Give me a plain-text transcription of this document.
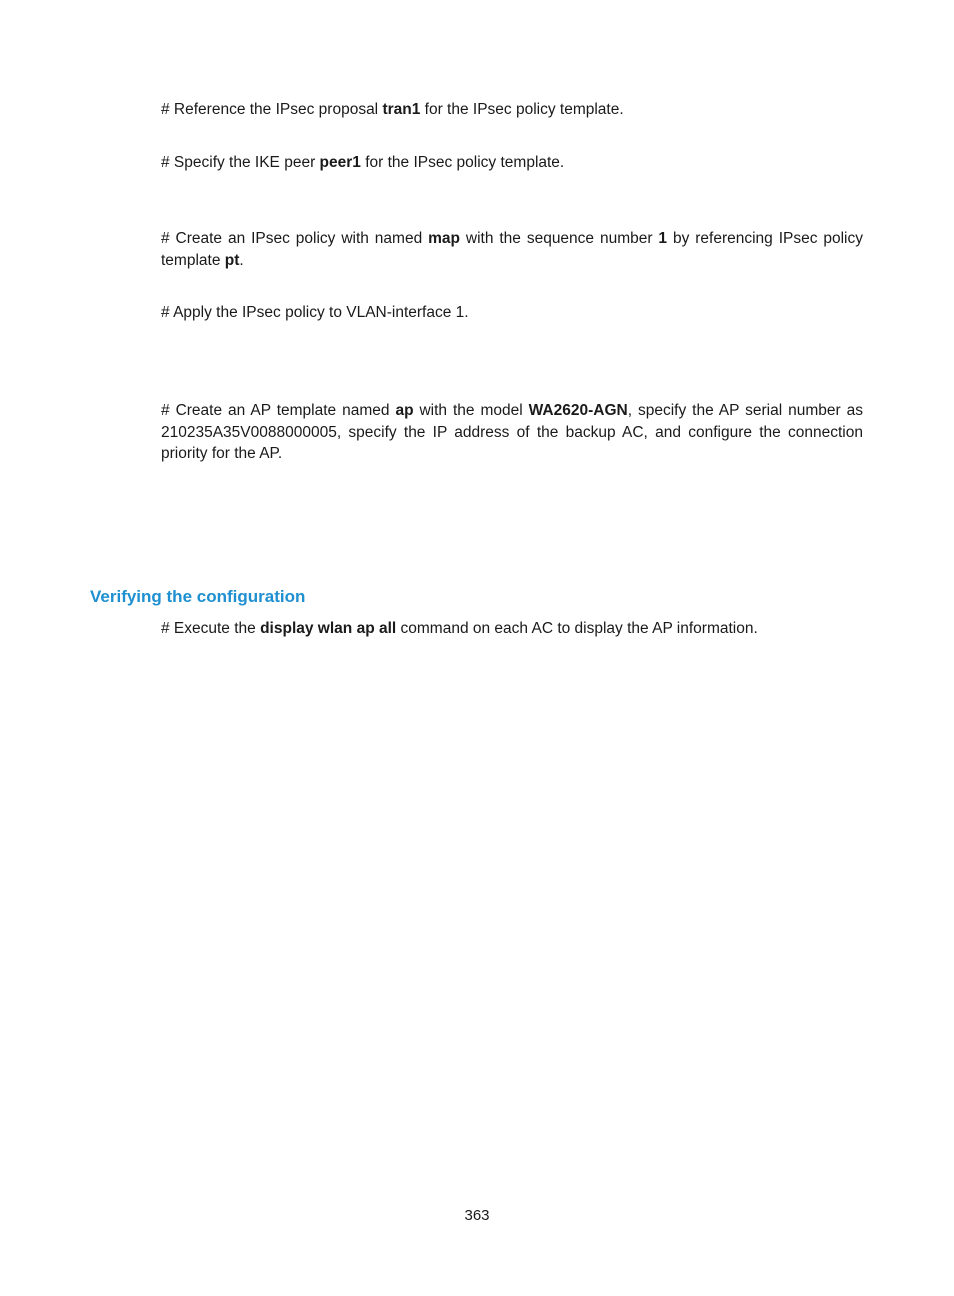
# Reference the IPsec proposal tran1 for the IPsec policy template.

# Specify the IKE peer peer1 for the IPsec policy template.

# Create an IPsec policy with named map with the sequence number 1 by referencing IPsec policy template pt.

# Apply the IPsec policy to VLAN-interface 1.

# Create an AP template named ap with the model WA2620-AGN, specify the AP serial number as 210235A35V0088000005, specify the IP address of the backup AC, and configure the connection priority for the AP.

Verifying the configuration

# Execute the display wlan ap all command on each AC to display the AP information.

363
